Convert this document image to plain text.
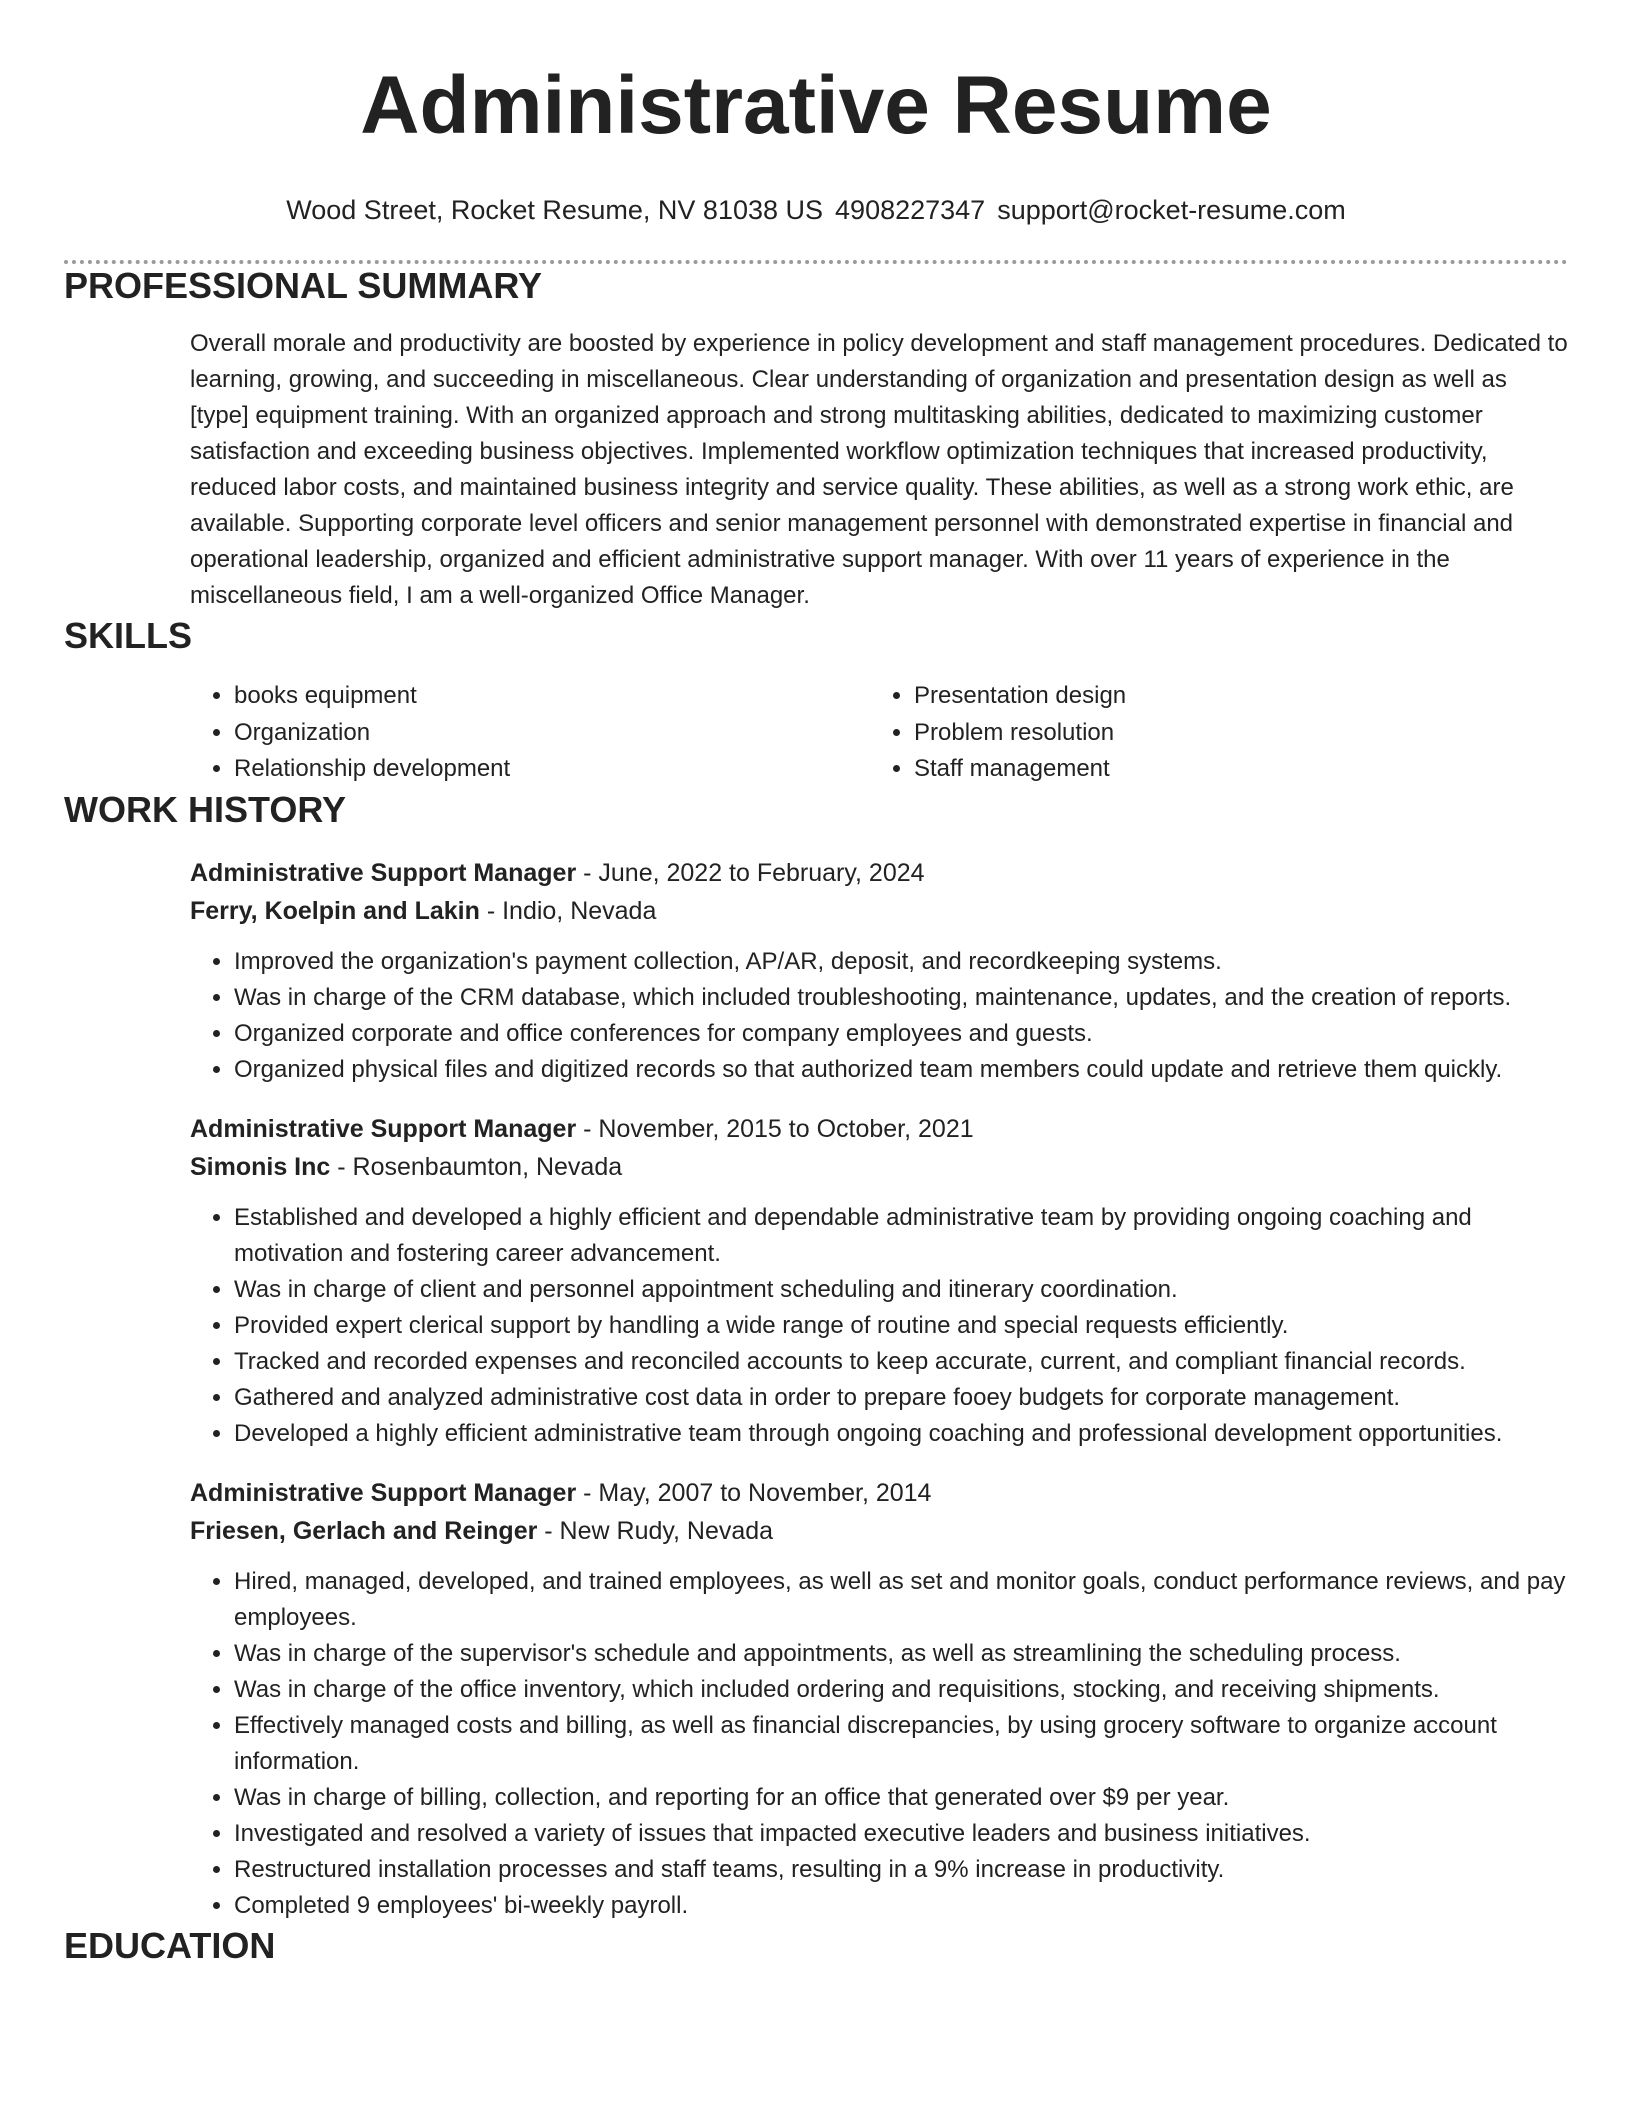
Administrative Resume
Wood Street, Rocket Resume, NV 81038 US 4908227347 support@rocket-resume.com
PROFESSIONAL SUMMARY
Overall morale and productivity are boosted by experience in policy development and staff management procedures. Dedicated to learning, growing, and succeeding in miscellaneous. Clear understanding of organization and presentation design as well as [type] equipment training. With an organized approach and strong multitasking abilities, dedicated to maximizing customer satisfaction and exceeding business objectives. Implemented workflow optimization techniques that increased productivity, reduced labor costs, and maintained business integrity and service quality. These abilities, as well as a strong work ethic, are available. Supporting corporate level officers and senior management personnel with demonstrated expertise in financial and operational leadership, organized and efficient administrative support manager. With over 11 years of experience in the miscellaneous field, I am a well-organized Office Manager.
SKILLS
• books equipment
• Organization
• Relationship development
• Presentation design
• Problem resolution
• Staff management
WORK HISTORY
Administrative Support Manager - June, 2022 to February, 2024
Ferry, Koelpin and Lakin - Indio, Nevada
• Improved the organization's payment collection, AP/AR, deposit, and recordkeeping systems.
• Was in charge of the CRM database, which included troubleshooting, maintenance, updates, and the creation of reports.
• Organized corporate and office conferences for company employees and guests.
• Organized physical files and digitized records so that authorized team members could update and retrieve them quickly.
Administrative Support Manager - November, 2015 to October, 2021
Simonis Inc - Rosenbaumton, Nevada
• Established and developed a highly efficient and dependable administrative team by providing ongoing coaching and motivation and fostering career advancement.
• Was in charge of client and personnel appointment scheduling and itinerary coordination.
• Provided expert clerical support by handling a wide range of routine and special requests efficiently.
• Tracked and recorded expenses and reconciled accounts to keep accurate, current, and compliant financial records.
• Gathered and analyzed administrative cost data in order to prepare fooey budgets for corporate management.
• Developed a highly efficient administrative team through ongoing coaching and professional development opportunities.
Administrative Support Manager - May, 2007 to November, 2014
Friesen, Gerlach and Reinger - New Rudy, Nevada
• Hired, managed, developed, and trained employees, as well as set and monitor goals, conduct performance reviews, and pay employees.
• Was in charge of the supervisor's schedule and appointments, as well as streamlining the scheduling process.
• Was in charge of the office inventory, which included ordering and requisitions, stocking, and receiving shipments.
• Effectively managed costs and billing, as well as financial discrepancies, by using grocery software to organize account information.
• Was in charge of billing, collection, and reporting for an office that generated over $9 per year.
• Investigated and resolved a variety of issues that impacted executive leaders and business initiatives.
• Restructured installation processes and staff teams, resulting in a 9% increase in productivity.
• Completed 9 employees' bi-weekly payroll.
EDUCATION
